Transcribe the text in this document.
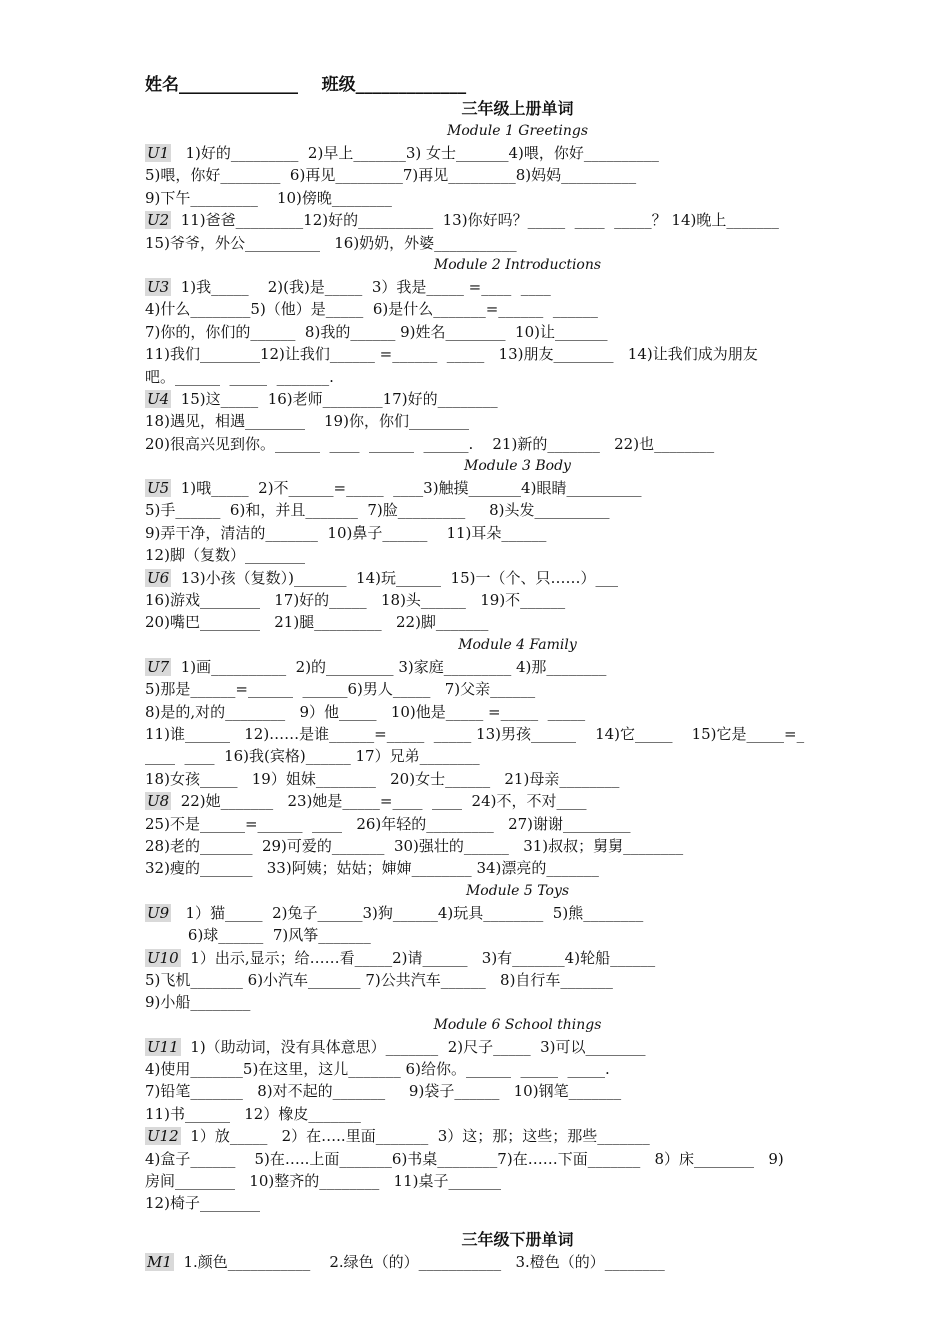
姓名______________    班级_____________
三年级上册单词
Module 1 Greetings
U1   1)好的_________  2)早上_______3) 女士_______4)喂，你好__________
5)喂，你好________  6)再见_________7)再见_________8)妈妈__________
9)下午_________    10)傍晚________
U2  11)爸爸_________12)好的__________  13)你好吗？_____  ____  _____？ 14)晚上_______
15)爷爷，外公__________   16)奶奶，外婆___________
Module 2 Introductions
U3  1)我_____    2)(我)是_____  3）我是_____ =____  ____
4)什么________5)（他）是_____  6)是什么_______=______  ______
7)你的，你们的______  8)我的______ 9)姓名________  10)让_______
11)我们________12)让我们______ =______  _____   13)朋友________   14)让我们成为朋友
吧。______  _____  _______.
U4  15)这_____  16)老师________17)好的________
18)遇见，相遇________    19)你，你们________
20)很高兴见到你。______  ____  ______  ______.    21)新的_______   22)也________
Module 3 Body
U5  1)哦_____  2)不______=_____  ____3)触摸_______4)眼睛__________
5)手______  6)和，并且_______  7)脸_________     8)头发__________
9)弄干净，清洁的_______  10)鼻子______    11)耳朵______
12)脚（复数）________
U6  13)小孩（复数）)_______  14)玩______  15)一（个、只……）___
16)游戏________   17)好的_____   18)头______   19)不______
20)嘴巴________   21)腿_________   22)脚_______
Module 4 Family
U7  1)画__________  2)的_________ 3)家庭_________ 4)那________
5)那是______=______  ______6)男人_____   7)父亲______
8)是的,对的________   9）他_____   10)他是_____ =_____  _____
11)谁______   12)……是谁______=_____  _____ 13)男孩______    14)它_____    15)它是_____=_
____  ____  16)我(宾格)______ 17）兄弟________
18)女孩_____   19）姐妹________   20)女士______   21)母亲________
U8  22)她_______   23)她是_____=____  ____  24)不，不对____
25)不是______=______  ____   26)年轻的_________   27)谢谢_________
28)老的_______  29)可爱的_______  30)强壮的______   31)叔叔；舅舅________
32)瘦的_______   33)阿姨；姑姑；婶婶________ 34)漂亮的_______
Module 5 Toys
U9   1）猫_____  2)兔子______3)狗______4)玩具________  5)熊________
6)球______  7)风筝_______
U10  1）出示,显示；给……看_____2)请______   3)有_______4)轮船______
5)飞机_______ 6)小汽车_______ 7)公共汽车______   8)自行车_______
9)小船________
Module 6 School things
U11  1)（助动词，没有具体意思）_______  2)尺子_____  3)可以________
4)使用_______5)在这里，这儿_______ 6)给你。______  _____  _____.
7)铅笔_______   8)对不起的_______     9)袋子______   10)钢笔_______
11)书______   12）橡皮_______
U12  1）放_____   2）在…..里面_______  3）这；那；这些；那些_______
4)盒子______    5)在…..上面_______6)书桌________7)在……下面_______   8）床________   9)
房间________   10)整齐的________   11)桌子_______
12)椅子________
三年级下册单词
M1  1.颜色___________    2.绿色（的）___________   3.橙色（的）________
